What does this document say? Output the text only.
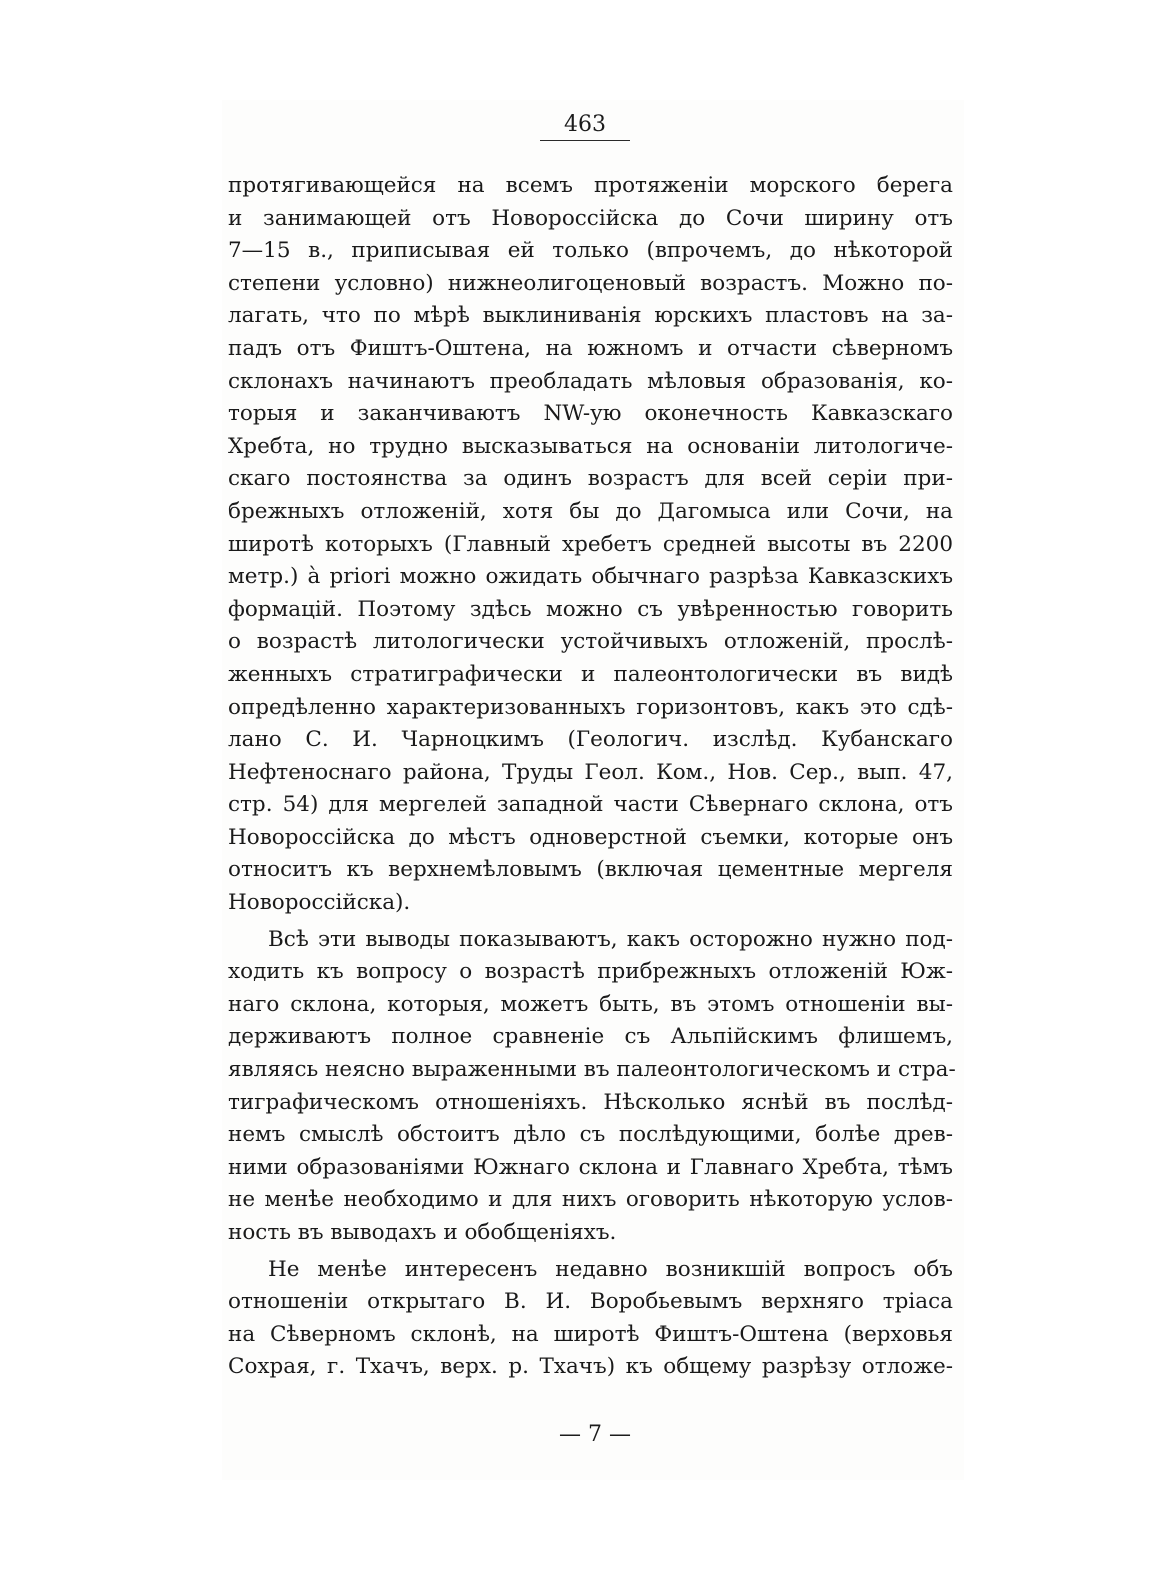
463
протягивающейся на всемъ протяженіи морского берега
и занимающей отъ Новороссійска до Сочи ширину отъ
7—15 в., приписывая ей только (впрочемъ, до нѣкоторой
степени условно) нижнеолигоценовый возрастъ. Можно по-
лагать, что по мѣрѣ выклиниванія юрскихъ пластовъ на за-
падъ отъ Фиштъ-Оштена, на южномъ и отчасти сѣверномъ
склонахъ начинаютъ преобладать мѣловыя образованія, ко-
торыя и заканчиваютъ NW-ую оконечность Кавказскаго
Хребта, но трудно высказываться на основаніи литологиче-
скаго постоянства за одинъ возрастъ для всей серіи при-
брежныхъ отложеній, хотя бы до Дагомыса или Сочи, на
широтѣ которыхъ (Главный хребетъ средней высоты въ 2200
метр.) à priori можно ожидать обычнаго разрѣза Кавказскихъ
формацій. Поэтому здѣсь можно съ увѣренностью говорить
о возрастѣ литологически устойчивыхъ отложеній, прослѣ-
женныхъ стратиграфически и палеонтологически въ видѣ
опредѣленно характеризованныхъ горизонтовъ, какъ это сдѣ-
лано С. И. Чарноцкимъ (Геологич. изслѣд. Кубанскаго
Нефтеноснаго района, Труды Геол. Ком., Нов. Сер., вып. 47,
стр. 54) для мергелей западной части Сѣвернаго склона, отъ
Новороссійска до мѣстъ одноверстной съемки, которые онъ
относитъ къ верхнемѣловымъ (включая цементные мергеля
Новороссійска).
Всѣ эти выводы показываютъ, какъ осторожно нужно под-
ходить къ вопросу о возрастѣ прибрежныхъ отложеній Юж-
наго склона, которыя, можетъ быть, въ этомъ отношеніи вы-
держиваютъ полное сравненіе съ Альпійскимъ флишемъ,
являясь неясно выраженными въ палеонтологическомъ и стра-
тиграфическомъ отношеніяхъ. Нѣсколько яснѣй въ послѣд-
немъ смыслѣ обстоитъ дѣло съ послѣдующими, болѣе древ-
ними образованіями Южнаго склона и Главнаго Хребта, тѣмъ
не менѣе необходимо и для нихъ оговорить нѣкоторую услов-
ность въ выводахъ и обобщеніяхъ.
Не менѣе интересенъ недавно возникшій вопросъ объ
отношеніи открытаго В. И. Воробьевымъ верхняго тріаса
на Сѣверномъ склонѣ, на широтѣ Фиштъ-Оштена (верховья
Сохрая, г. Тхачъ, верх. р. Тхачъ) къ общему разрѣзу отложе-
— 7 —
